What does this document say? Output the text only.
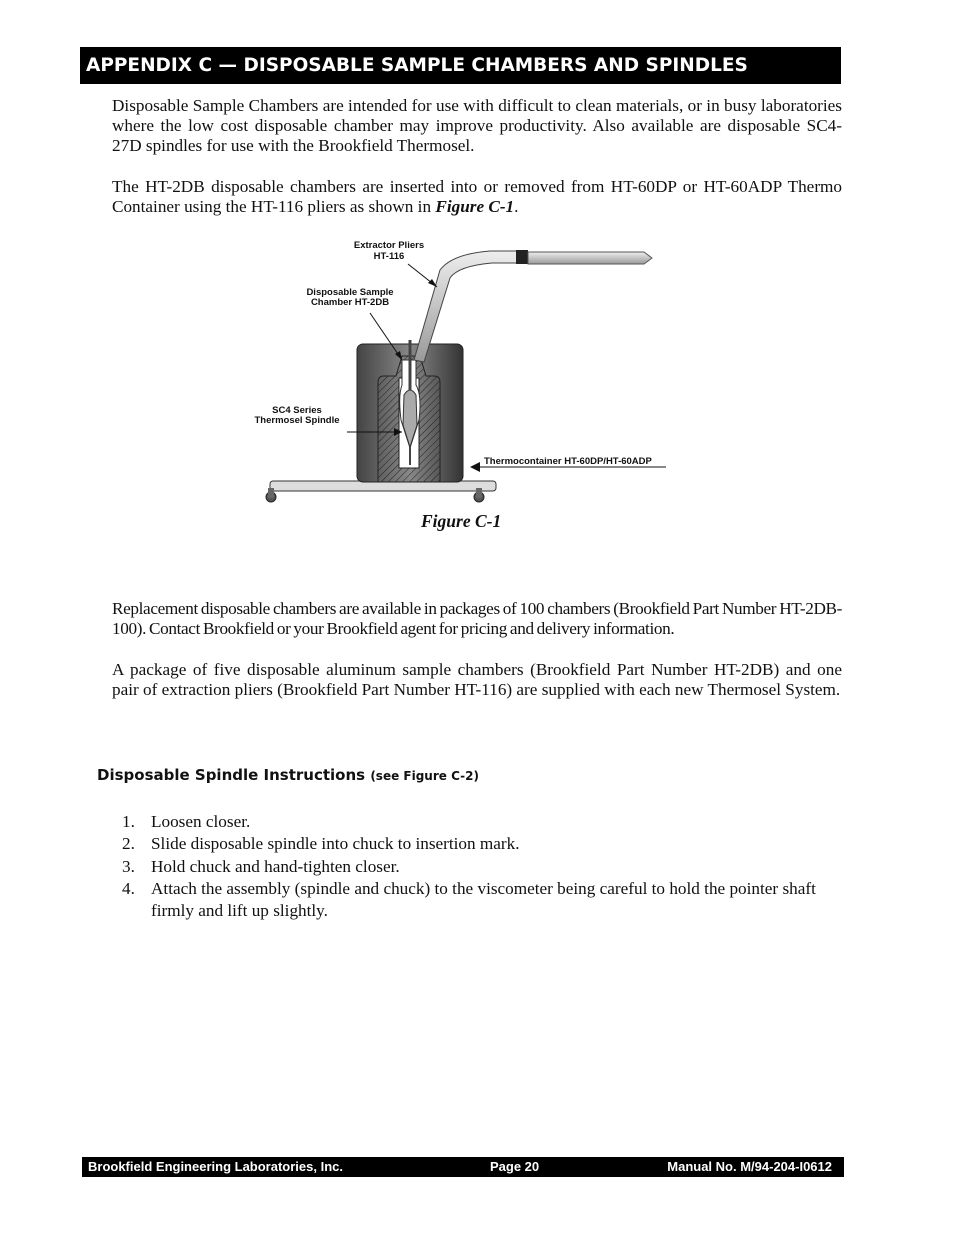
APPENDIX C — DISPOSABLE SAMPLE CHAMBERS AND SPINDLES

Disposable Sample Chambers are intended for use with difficult to clean materials, or in busy laboratories where the low cost disposable chamber may improve productivity. Also available are disposable SC4-27D spindles for use with the Brookfield Thermosel.

The HT-2DB disposable chambers are inserted into or removed from HT-60DP or HT-60ADP Thermo Container using the HT-116 pliers as shown in Figure C-1.

Extractor Pliers
HT-116
Disposable Sample
Chamber HT-2DB
SC4 Series
Thermosel Spindle
Thermocontainer HT-60DP/HT-60ADP
Figure C-1

Replacement disposable chambers are available in packages of 100 chambers (Brookfield Part Number HT-2DB-100). Contact Brookfield or your Brookfield agent for pricing and delivery information.

A package of five disposable aluminum sample chambers (Brookfield Part Number HT-2DB) and one pair of extraction pliers (Brookfield Part Number HT-116) are supplied with each new Thermosel System.

Disposable Spindle Instructions (see Figure C-2)
1. Loosen closer.
2. Slide disposable spindle into chuck to insertion mark.
3. Hold chuck and hand-tighten closer.
4. Attach the assembly (spindle and chuck) to the viscometer being careful to hold the pointer shaft firmly and lift up slightly.
Brookfield Engineering Laboratories, Inc.	Page 20	Manual No. M/94-204-I0612
